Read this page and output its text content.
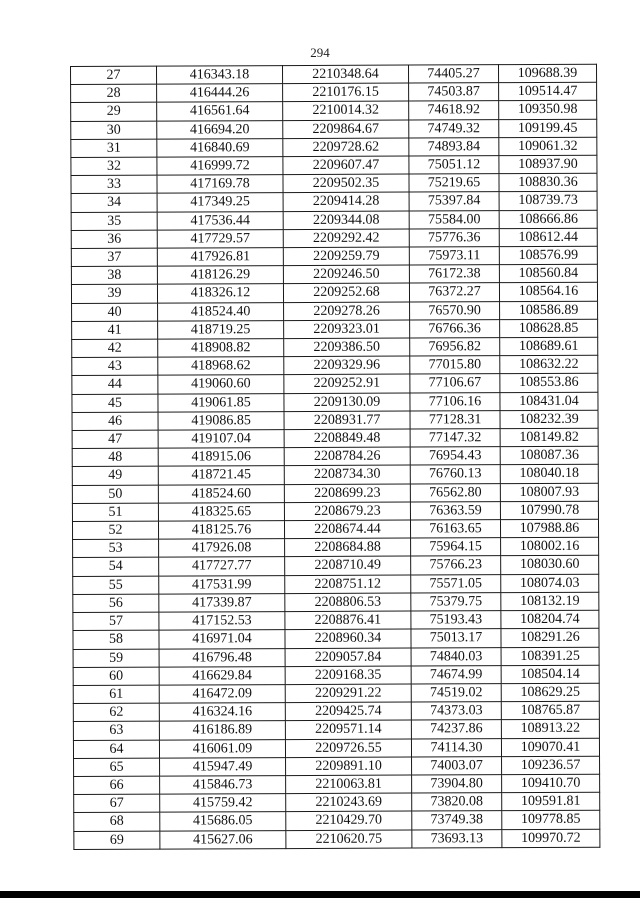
294
27	416343.18	2210348.64	74405.27	109688.39
28	416444.26	2210176.15	74503.87	109514.47
29	416561.64	2210014.32	74618.92	109350.98
30	416694.20	2209864.67	74749.32	109199.45
31	416840.69	2209728.62	74893.84	109061.32
32	416999.72	2209607.47	75051.12	108937.90
33	417169.78	2209502.35	75219.65	108830.36
34	417349.25	2209414.28	75397.84	108739.73
35	417536.44	2209344.08	75584.00	108666.86
36	417729.57	2209292.42	75776.36	108612.44
37	417926.81	2209259.79	75973.11	108576.99
38	418126.29	2209246.50	76172.38	108560.84
39	418326.12	2209252.68	76372.27	108564.16
40	418524.40	2209278.26	76570.90	108586.89
41	418719.25	2209323.01	76766.36	108628.85
42	418908.82	2209386.50	76956.82	108689.61
43	418968.62	2209329.96	77015.80	108632.22
44	419060.60	2209252.91	77106.67	108553.86
45	419061.85	2209130.09	77106.16	108431.04
46	419086.85	2208931.77	77128.31	108232.39
47	419107.04	2208849.48	77147.32	108149.82
48	418915.06	2208784.26	76954.43	108087.36
49	418721.45	2208734.30	76760.13	108040.18
50	418524.60	2208699.23	76562.80	108007.93
51	418325.65	2208679.23	76363.59	107990.78
52	418125.76	2208674.44	76163.65	107988.86
53	417926.08	2208684.88	75964.15	108002.16
54	417727.77	2208710.49	75766.23	108030.60
55	417531.99	2208751.12	75571.05	108074.03
56	417339.87	2208806.53	75379.75	108132.19
57	417152.53	2208876.41	75193.43	108204.74
58	416971.04	2208960.34	75013.17	108291.26
59	416796.48	2209057.84	74840.03	108391.25
60	416629.84	2209168.35	74674.99	108504.14
61	416472.09	2209291.22	74519.02	108629.25
62	416324.16	2209425.74	74373.03	108765.87
63	416186.89	2209571.14	74237.86	108913.22
64	416061.09	2209726.55	74114.30	109070.41
65	415947.49	2209891.10	74003.07	109236.57
66	415846.73	2210063.81	73904.80	109410.70
67	415759.42	2210243.69	73820.08	109591.81
68	415686.05	2210429.70	73749.38	109778.85
69	415627.06	2210620.75	73693.13	109970.72
